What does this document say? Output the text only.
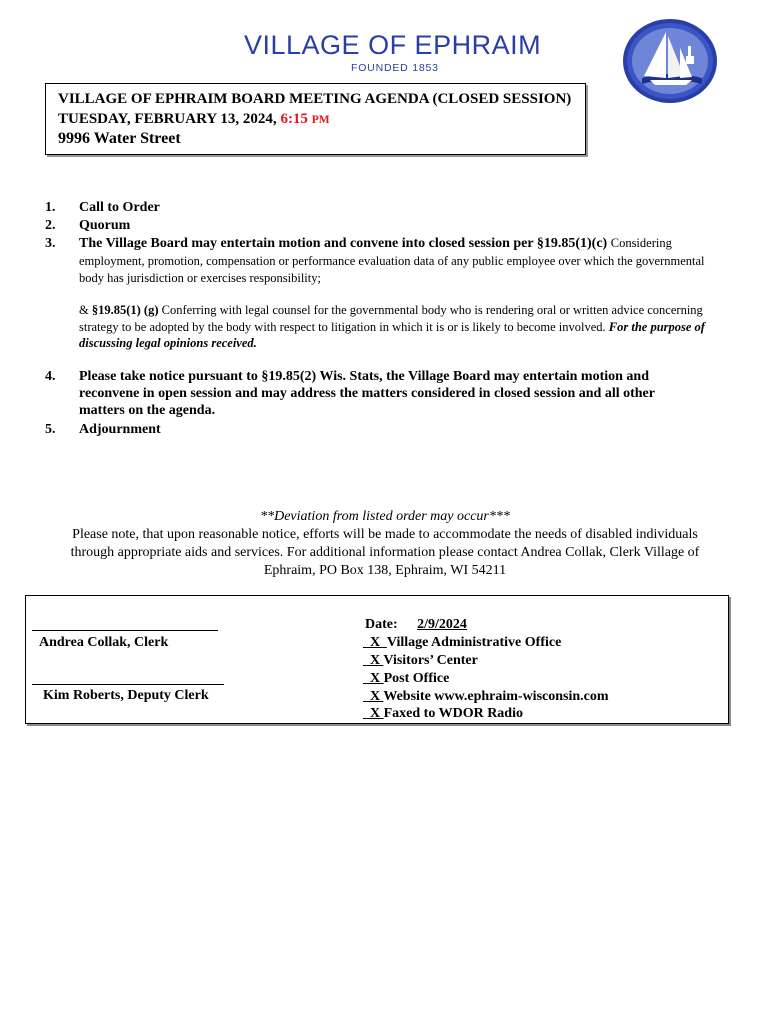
VILLAGE OF EPHRAIM
FOUNDED 1853
VILLAGE OF EPHRAIM BOARD MEETING AGENDA (CLOSED SESSION)
TUESDAY, FEBRUARY 13, 2024, 6:15 PM
9996 Water Street
1. Call to Order
2. Quorum
3. The Village Board may entertain motion and convene into closed session per §19.85(1)(c) Considering
employment, promotion, compensation or performance evaluation data of any public employee over which the governmental body has jurisdiction or exercises responsibility;
& §19.85(1) (g) Conferring with legal counsel for the governmental body who is rendering oral or written advice concerning strategy to be adopted by the body with respect to litigation in which it is or is likely to become involved. For the purpose of discussing legal opinions received.
4. Please take notice pursuant to §19.85(2) Wis. Stats, the Village Board may entertain motion and
reconvene in open session and may address the matters considered in closed session and all other
matters on the agenda.
5. Adjournment
**Deviation from listed order may occur***
Please note, that upon reasonable notice, efforts will be made to accommodate the needs of disabled individuals
through appropriate aids and services. For additional information please contact Andrea Collak, Clerk Village of
Ephraim, PO Box 138, Ephraim, WI 54211
Andrea Collak, Clerk
Kim Roberts, Deputy Clerk
Date: 2/9/2024
X  Village Administrative Office
X Visitors’ Center
X Post Office
X Website www.ephraim-wisconsin.com
X Faxed to WDOR Radio
